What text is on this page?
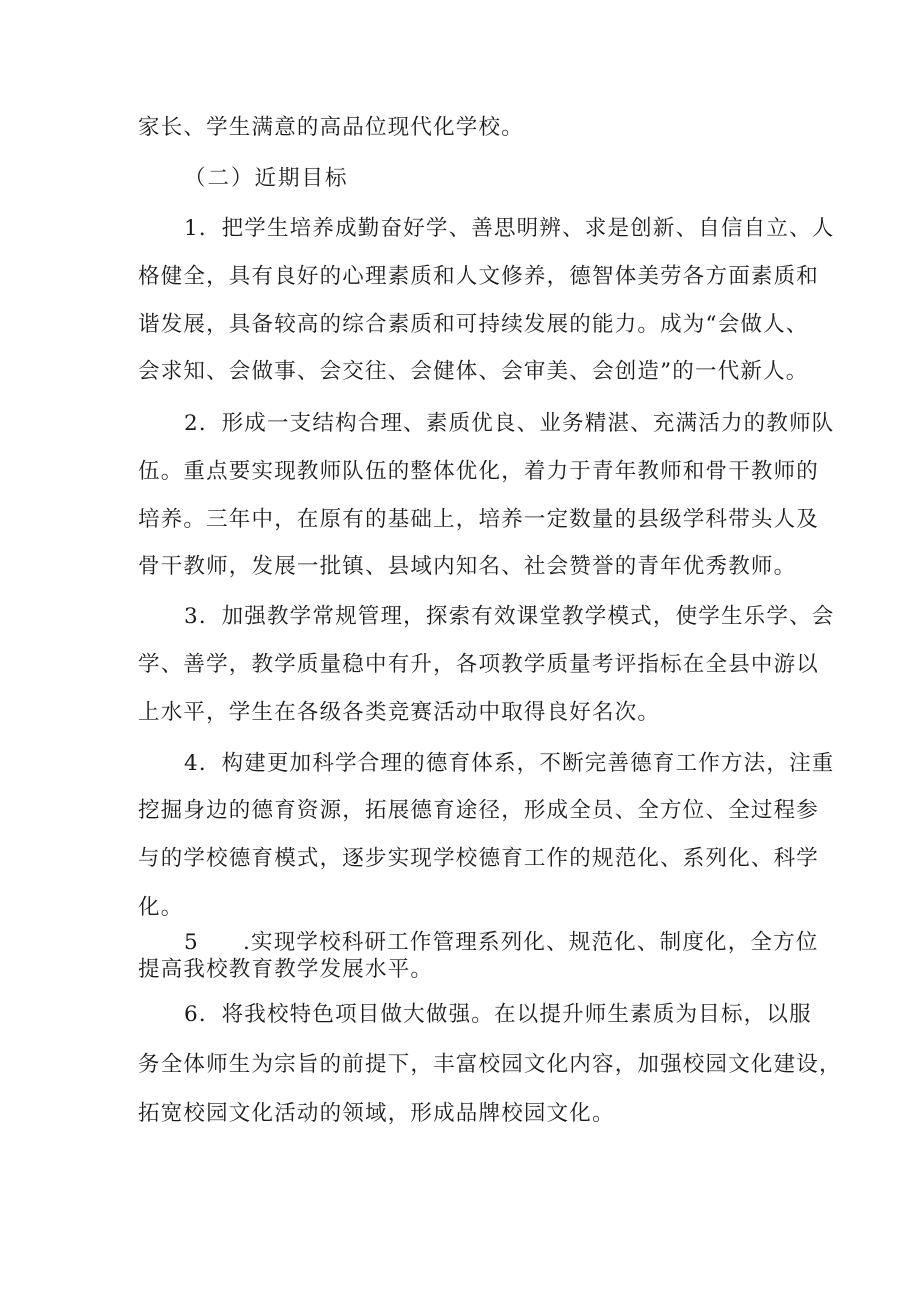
家长、学生满意的高品位现代化学校。
（二）近期目标
1．把学生培养成勤奋好学、善思明辨、求是创新、自信自立、人
格健全，具有良好的心理素质和人文修养，德智体美劳各方面素质和
谐发展，具备较高的综合素质和可持续发展的能力。成为“会做人、
会求知、会做事、会交往、会健体、会审美、会创造”的一代新人。
2．形成一支结构合理、素质优良、业务精湛、充满活力的教师队
伍。重点要实现教师队伍的整体优化，着力于青年教师和骨干教师的
培养。三年中，在原有的基础上，培养一定数量的县级学科带头人及
骨干教师，发展一批镇、县域内知名、社会赞誉的青年优秀教师。
3．加强教学常规管理，探索有效课堂教学模式，使学生乐学、会
学、善学，教学质量稳中有升，各项教学质量考评指标在全县中游以
上水平，学生在各级各类竞赛活动中取得良好名次。
4．构建更加科学合理的德育体系，不断完善德育工作方法，注重
挖掘身边的德育资源，拓展德育途径，形成全员、全方位、全过程参
与的学校德育模式，逐步实现学校德育工作的规范化、系列化、科学
化。
5 .实现学校科研工作管理系列化、规范化、制度化，全方位
提高我校教育教学发展水平。
6．将我校特色项目做大做强。在以提升师生素质为目标，以服
务全体师生为宗旨的前提下，丰富校园文化内容，加强校园文化建设，
拓宽校园文化活动的领域，形成品牌校园文化。
